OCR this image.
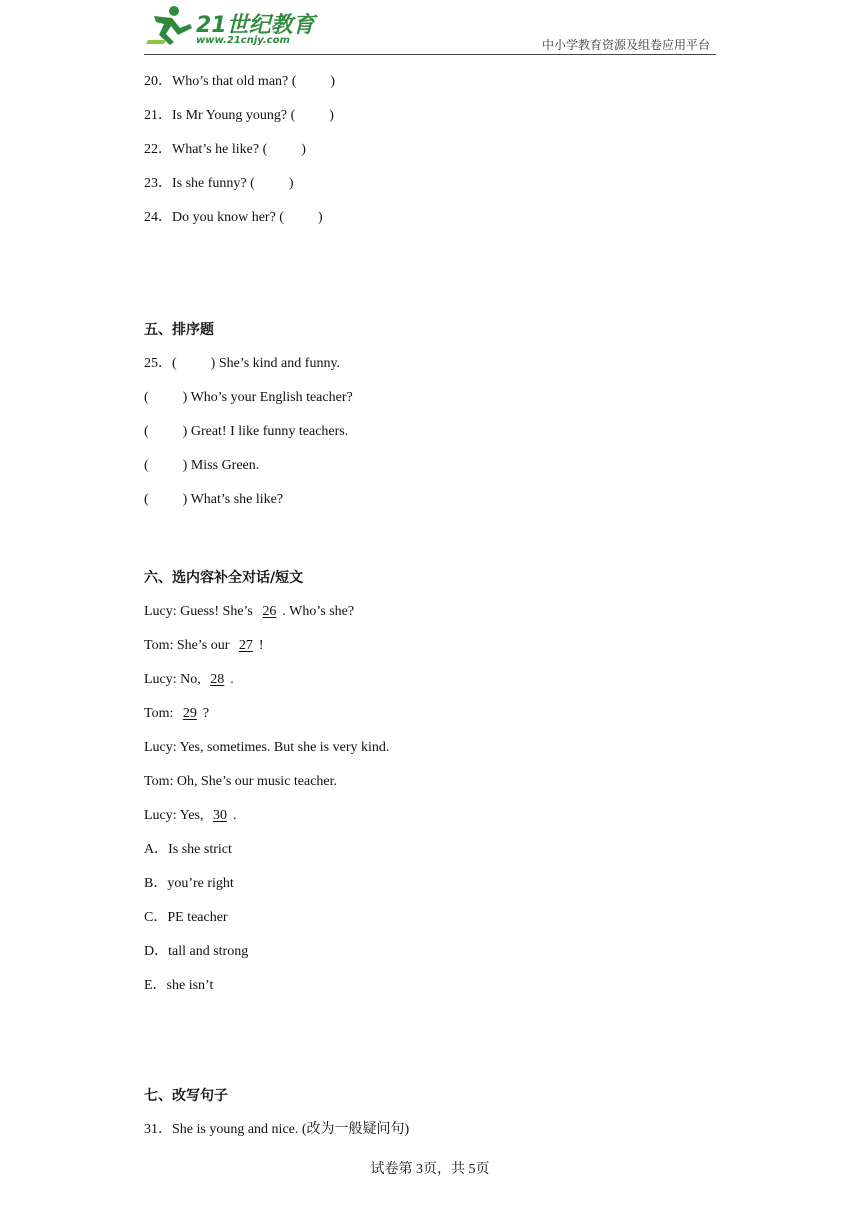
21世纪教育
www.21cnjy.com	中小学教育资源及组卷应用平台
20．Who’s that old man? ( )
21．Is Mr Young young? ( )
22．What’s he like? ( )
23．Is she funny? ( )
24．Do you know her? ( )
五、排序题
25．( ) She’s kind and funny.
( ) Who’s your English teacher?
( ) Great! I like funny teachers.
( ) Miss Green.
( ) What’s she like?
六、选内容补全对话/短文
Lucy: Guess! She’s 26 . Who’s she?
Tom: She’s our 27 !
Lucy: No, 28 .
Tom: 29 ?
Lucy: Yes, sometimes. But she is very kind.
Tom: Oh, She’s our music teacher.
Lucy: Yes, 30 .
A．Is she strict
B．you’re right
C．PE teacher
D．tall and strong
E．she isn’t
七、改写句子
31．She is young and nice. (改为一般疑问句)
试卷第 3页，共 5页
